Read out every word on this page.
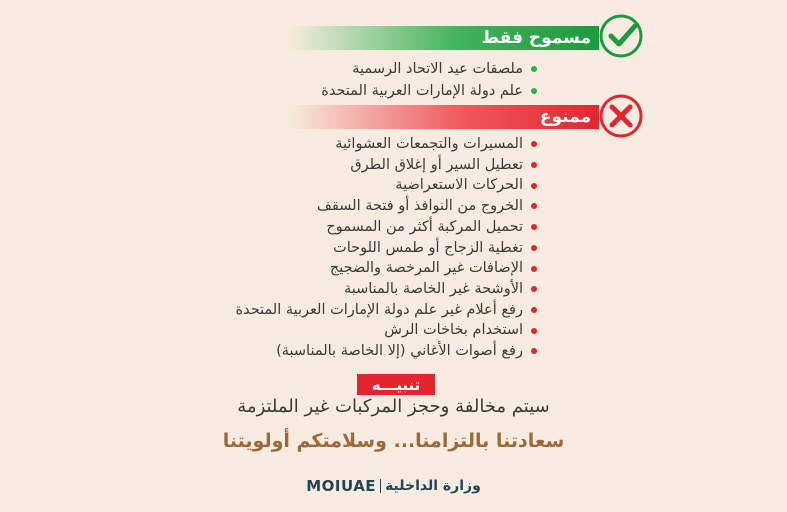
مسموح فقط
ملصقات عيد الاتحاد الرسمية
علم دولة الإمارات العربية المتحدة
ممنوع
المسيرات والتجمعات العشوائية
تعطيل السير أو إغلاق الطرق
الحركات الاستعراضية
الخروج من النوافذ أو فتحة السقف
تحميل المركبة أكثر من المسموح
تغطية الزجاج أو طمس اللوحات
الإضافات غير المرخصة والضجيج
الأوشحة غير الخاصة بالمناسبة
رفع أعلام غير علم دولة الإمارات العربية المتحدة
استخدام بخاخات الرش
رفع أصوات الأغاني (إلا الخاصة بالمناسبة)
تنبيـــه
سيتم مخالفة وحجز المركبات غير الملتزمة
سعادتنا بالتزامنا... وسلامتكم أولويتنا
MOIUAE وزارة الداخلية
